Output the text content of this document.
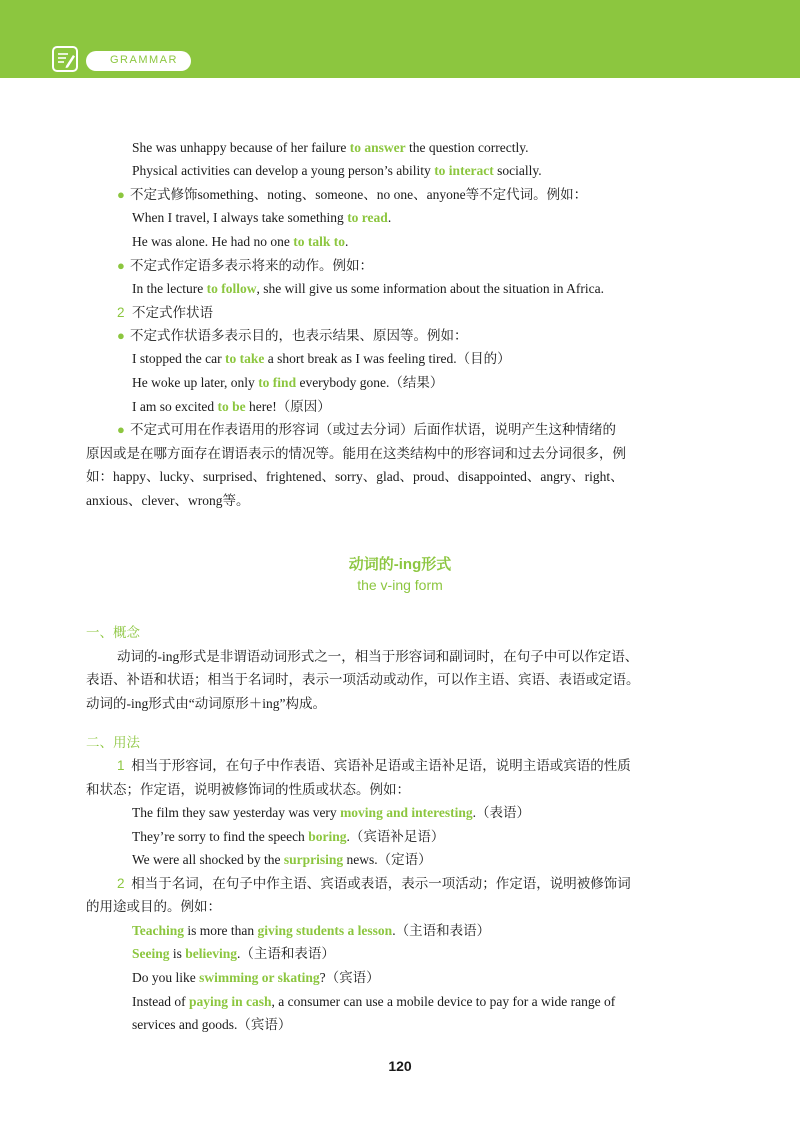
GRAMMAR
She was unhappy because of her failure to answer the question correctly.
Physical activities can develop a young person’s ability to interact socially.
● 不定式修饰something、noting、someone、no one、anyone等不定代词。例如：
When I travel, I always take something to read.
He was alone. He had no one to talk to.
● 不定式作定语多表示将来的动作。例如：
In the lecture to follow, she will give us some information about the situation in Africa.
2 不定式作状语
● 不定式作状语多表示目的，也表示结果、原因等。例如：
I stopped the car to take a short break as I was feeling tired.（目的）
He woke up later, only to find everybody gone.（结果）
I am so excited to be here!（原因）
● 不定式可用在作表语用的形容词（或过去分词）后面作状语，说明产生这种情绪的
原因或是在哪方面存在谓语表示的情况等。能用在这类结构中的形容词和过去分词很多，例
如：happy、lucky、surprised、frightened、sorry、glad、proud、disappointed、angry、right、
anxious、clever、wrong等。
动词的-ing形式
the v-ing form
一、概念
动词的-ing形式是非谓语动词形式之一，相当于形容词和副词时，在句子中可以作定语、
表语、补语和状语；相当于名词时，表示一项活动或动作，可以作主语、宾语、表语或定语。
动词的-ing形式由“动词原形＋ing”构成。
二、用法
1 相当于形容词，在句子中作表语、宾语补足语或主语补足语，说明主语或宾语的性质
和状态；作定语，说明被修饰词的性质或状态。例如：
The film they saw yesterday was very moving and interesting.（表语）
They’re sorry to find the speech boring.（宾语补足语）
We were all shocked by the surprising news.（定语）
2 相当于名词，在句子中作主语、宾语或表语，表示一项活动；作定语，说明被修饰词
的用途或目的。例如：
Teaching is more than giving students a lesson.（主语和表语）
Seeing is believing.（主语和表语）
Do you like swimming or skating?（宾语）
Instead of paying in cash, a consumer can use a mobile device to pay for a wide range of
services and goods.（宾语）
120
